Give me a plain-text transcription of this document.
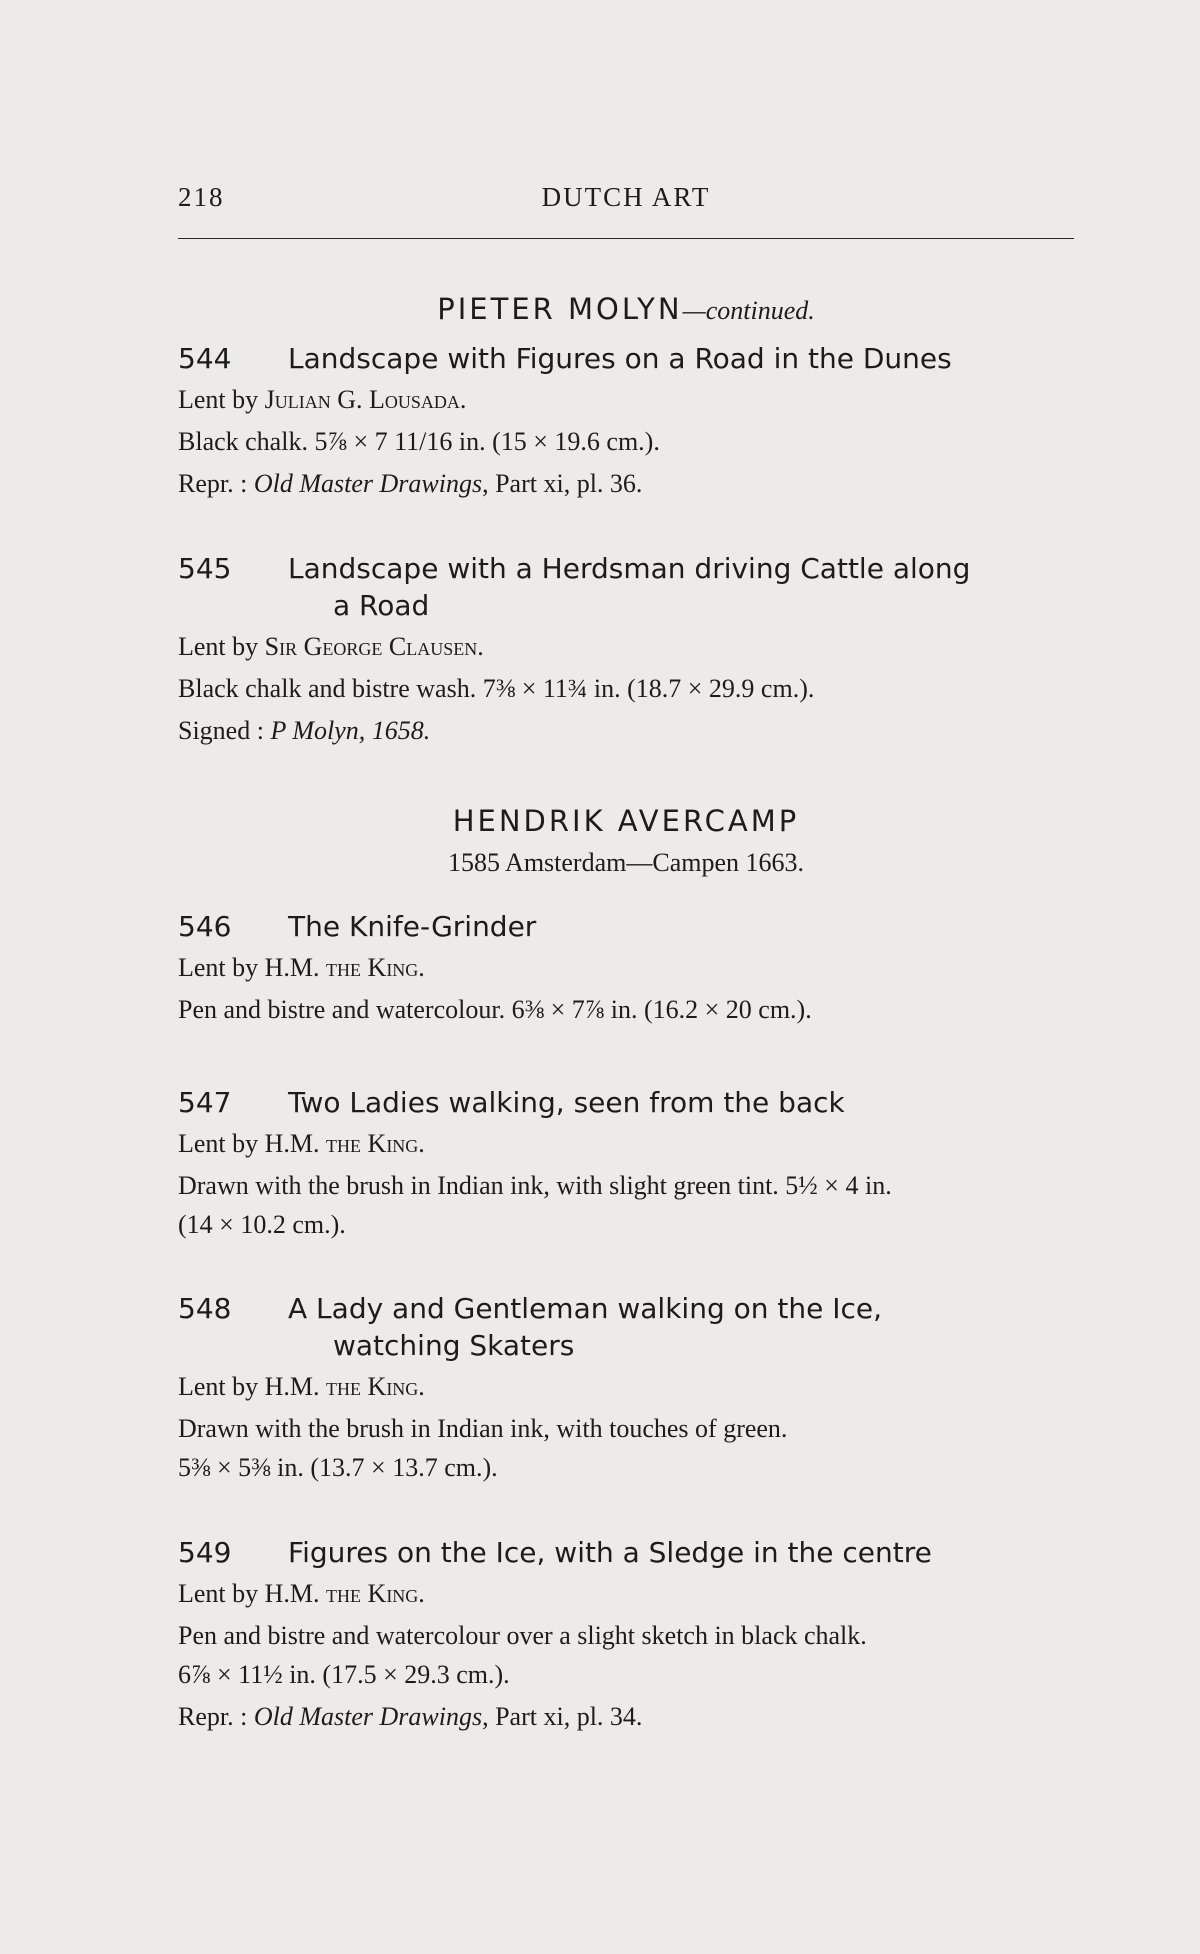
218	DUTCH ART
PIETER MOLYN—continued.
544 Landscape with Figures on a Road in the Dunes
Lent by Julian G. Lousada.
Black chalk. 5⅞ × 7 11/16 in. (15 × 19.6 cm.).
Repr. : Old Master Drawings, Part xi, pl. 36.
545 Landscape with a Herdsman driving Cattle along
a Road
Lent by Sir George Clausen.
Black chalk and bistre wash. 7⅜ × 11¾ in. (18.7 × 29.9 cm.).
Signed : P Molyn, 1658.
HENDRIK AVERCAMP
1585 Amsterdam—Campen 1663.
546 The Knife-Grinder
Lent by H.M. the King.
Pen and bistre and watercolour. 6⅜ × 7⅞ in. (16.2 × 20 cm.).
547 Two Ladies walking, seen from the back
Lent by H.M. the King.
Drawn with the brush in Indian ink, with slight green tint. 5½ × 4 in.
(14 × 10.2 cm.).
548 A Lady and Gentleman walking on the Ice,
watching Skaters
Lent by H.M. the King.
Drawn with the brush in Indian ink, with touches of green.
5⅜ × 5⅜ in. (13.7 × 13.7 cm.).
549 Figures on the Ice, with a Sledge in the centre
Lent by H.M. the King.
Pen and bistre and watercolour over a slight sketch in black chalk.
6⅞ × 11½ in. (17.5 × 29.3 cm.).
Repr. : Old Master Drawings, Part xi, pl. 34.
